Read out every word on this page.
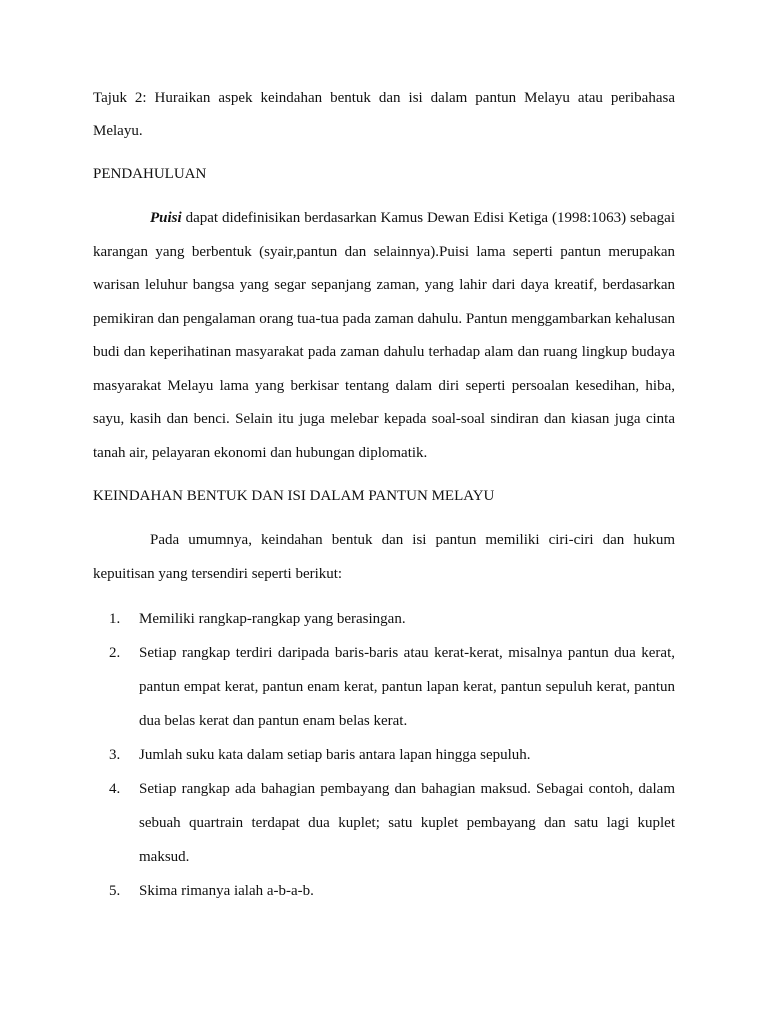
Tajuk 2: Huraikan aspek keindahan bentuk dan isi dalam pantun Melayu atau peribahasa Melayu.
PENDAHULUAN
Puisi dapat didefinisikan berdasarkan Kamus Dewan Edisi Ketiga (1998:1063) sebagai karangan yang berbentuk (syair,pantun dan selainnya).Puisi lama seperti pantun merupakan warisan leluhur bangsa yang segar sepanjang zaman, yang lahir dari daya kreatif, berdasarkan pemikiran dan pengalaman orang tua-tua pada zaman dahulu. Pantun menggambarkan kehalusan budi dan keperihatinan masyarakat pada zaman dahulu terhadap alam dan ruang lingkup budaya masyarakat Melayu lama yang berkisar tentang dalam diri seperti persoalan kesedihan, hiba, sayu, kasih dan benci. Selain itu juga melebar kepada soal-soal sindiran dan kiasan juga cinta tanah air, pelayaran ekonomi dan hubungan diplomatik.
KEINDAHAN BENTUK DAN ISI DALAM PANTUN MELAYU
Pada umumnya, keindahan bentuk dan isi pantun memiliki ciri-ciri dan hukum kepuitisan yang tersendiri seperti berikut:
1.	Memiliki rangkap-rangkap yang berasingan.
2.	Setiap rangkap terdiri daripada baris-baris atau kerat-kerat, misalnya pantun dua kerat, pantun empat kerat, pantun enam kerat, pantun lapan kerat, pantun sepuluh kerat, pantun dua belas kerat dan pantun enam belas kerat.
3.	Jumlah suku kata dalam setiap baris antara lapan hingga sepuluh.
4.	Setiap rangkap ada bahagian pembayang dan bahagian maksud. Sebagai contoh, dalam sebuah quartrain terdapat dua kuplet; satu kuplet pembayang dan satu lagi kuplet maksud.
5.	Skima rimanya ialah a-b-a-b.
